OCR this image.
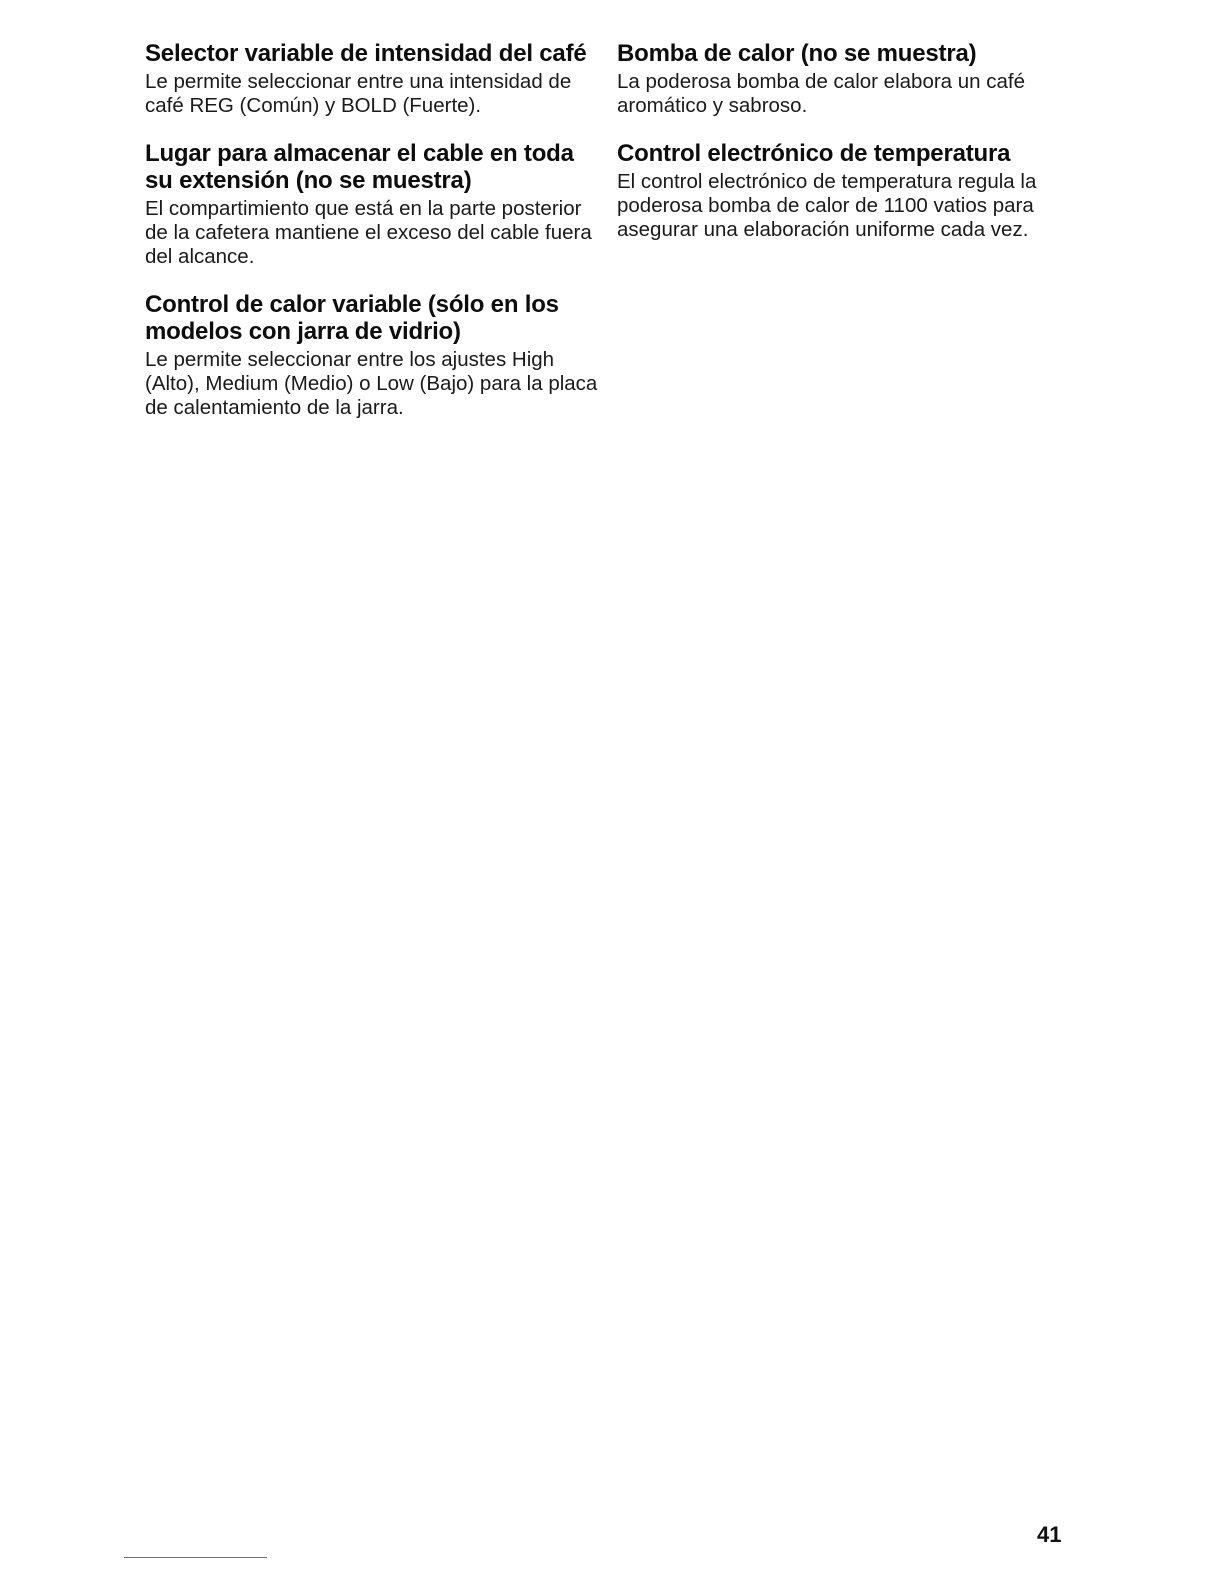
Selector variable de intensidad del café

Le permite seleccionar entre una intensidad de café REG (Común) y BOLD (Fuerte).

Lugar para almacenar el cable en toda su extensión (no se muestra)

El compartimiento que está en la parte posterior de la cafetera mantiene el exceso del cable fuera del alcance.

Control de calor variable (sólo en los modelos con jarra de vidrio)

Le permite seleccionar entre los ajustes High (Alto), Medium (Medio) o Low (Bajo) para la placa de calentamiento de la jarra.

Bomba de calor (no se muestra)

La poderosa bomba de calor elabora un café aromático y sabroso.

Control electrónico de temperatura

El control electrónico de temperatura regula la poderosa bomba de calor de 1100 vatios para asegurar una elaboración uniforme cada vez.

41
